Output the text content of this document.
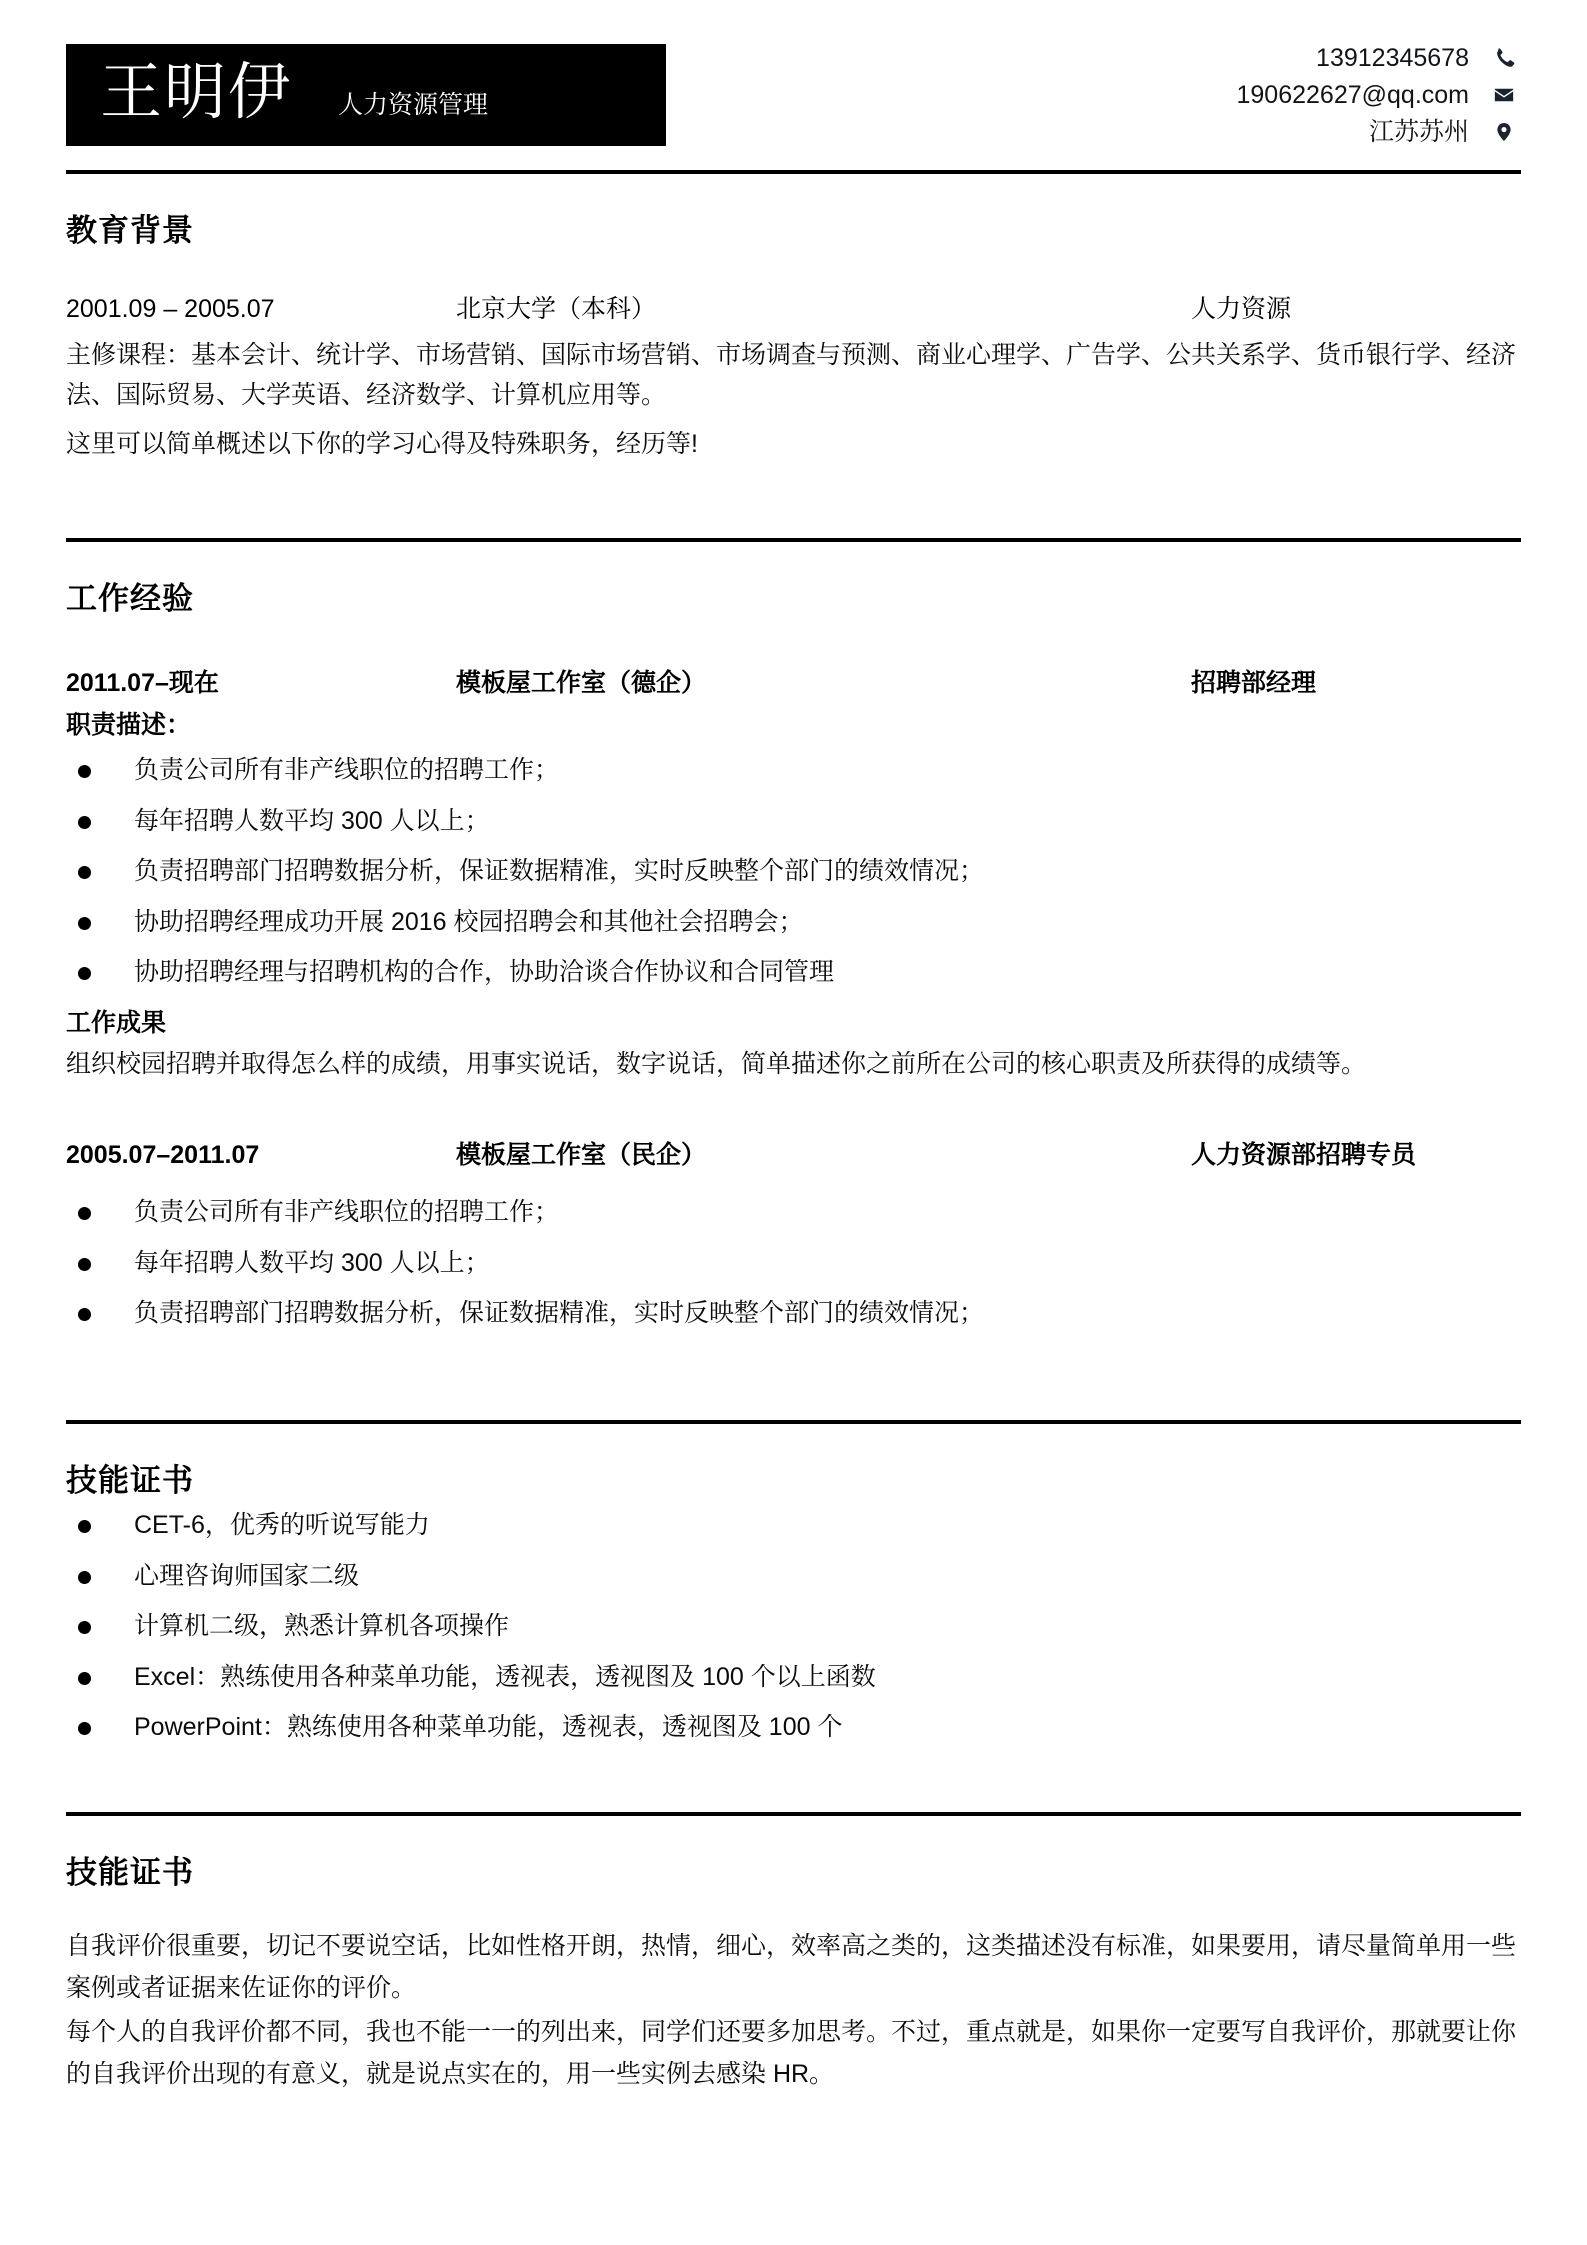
王明伊 人力资源管理
13912345678
190622627@qq.com
江苏苏州
教育背景
2001.09 – 2005.07	北京大学（本科）	人力资源

主修课程：基本会计、统计学、市场营销、国际市场营销、市场调查与预测、商业心理学、广告学、公共关系学、货币银行学、经济法、国际贸易、大学英语、经济数学、计算机应用等。

这里可以简单概述以下你的学习心得及特殊职务，经历等!

工作经验
2011.07–现在	模板屋工作室（德企）	招聘部经理
职责描述：
负责公司所有非产线职位的招聘工作；
每年招聘人数平均 300 人以上；
负责招聘部门招聘数据分析，保证数据精准，实时反映整个部门的绩效情况；
协助招聘经理成功开展 2016 校园招聘会和其他社会招聘会；
协助招聘经理与招聘机构的合作，协助洽谈合作协议和合同管理
工作成果

组织校园招聘并取得怎么样的成绩，用事实说话，数字说话，简单描述你之前所在公司的核心职责及所获得的成绩等。

2005.07–2011.07	模板屋工作室（民企）	人力资源部招聘专员
负责公司所有非产线职位的招聘工作；
每年招聘人数平均 300 人以上；
负责招聘部门招聘数据分析，保证数据精准，实时反映整个部门的绩效情况；
技能证书
CET-6，优秀的听说写能力
心理咨询师国家二级
计算机二级，熟悉计算机各项操作
Excel：熟练使用各种菜单功能，透视表，透视图及 100 个以上函数
PowerPoint：熟练使用各种菜单功能，透视表，透视图及 100 个
技能证书

自我评价很重要，切记不要说空话，比如性格开朗，热情，细心，效率高之类的，这类描述没有标准，如果要用，请尽量简单用一些案例或者证据来佐证你的评价。

每个人的自我评价都不同，我也不能一一的列出来，同学们还要多加思考。不过，重点就是，如果你一定要写自我评价，那就要让你的自我评价出现的有意义，就是说点实在的，用一些实例去感染 HR。
